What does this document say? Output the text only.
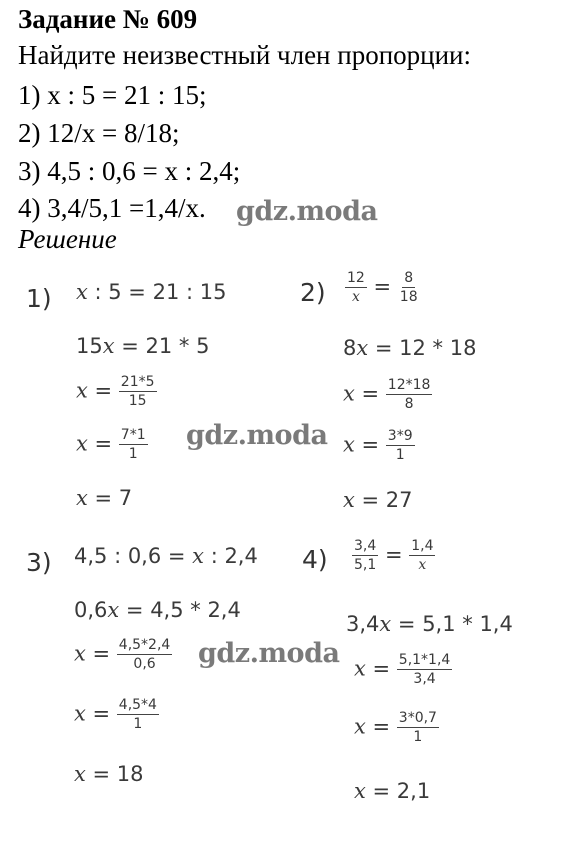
Задание № 609
Найдите неизвестный член пропорции:
1) x : 5 = 21 : 15;
2) 12/x = 8/18;
3) 4,5 : 0,6 = x : 2,4;
4) 3,4/5,1 =1,4/x.
Решение
1) x : 5 = 21 : 15
15x = 21 * 5
$x = \frac{21*5}{15}$
$x = \frac{7*1}{1}$
x = 7
$2) \frac{12}{x} = \frac{8}{18}$
8x = 12 * 18
$x = \frac{12*18}{8}$
$x = \frac{3*9}{1}$
x = 27
3) 4,5 : 0,6 = x : 2,4
0,6x = 4,5 * 2,4
$x = \frac{4,5*2,4}{0,6}$
$x = \frac{4,5*4}{1}$
x = 18
$4) \frac{3,4}{5,1} = \frac{1,4}{x}$
3,4x = 5,1 * 1,4
$x = \frac{5,1*1,4}{3,4}$
$x = \frac{3*0,7}{1}$
x = 2,1
gdz.moda
gdz.moda
gdz.moda
